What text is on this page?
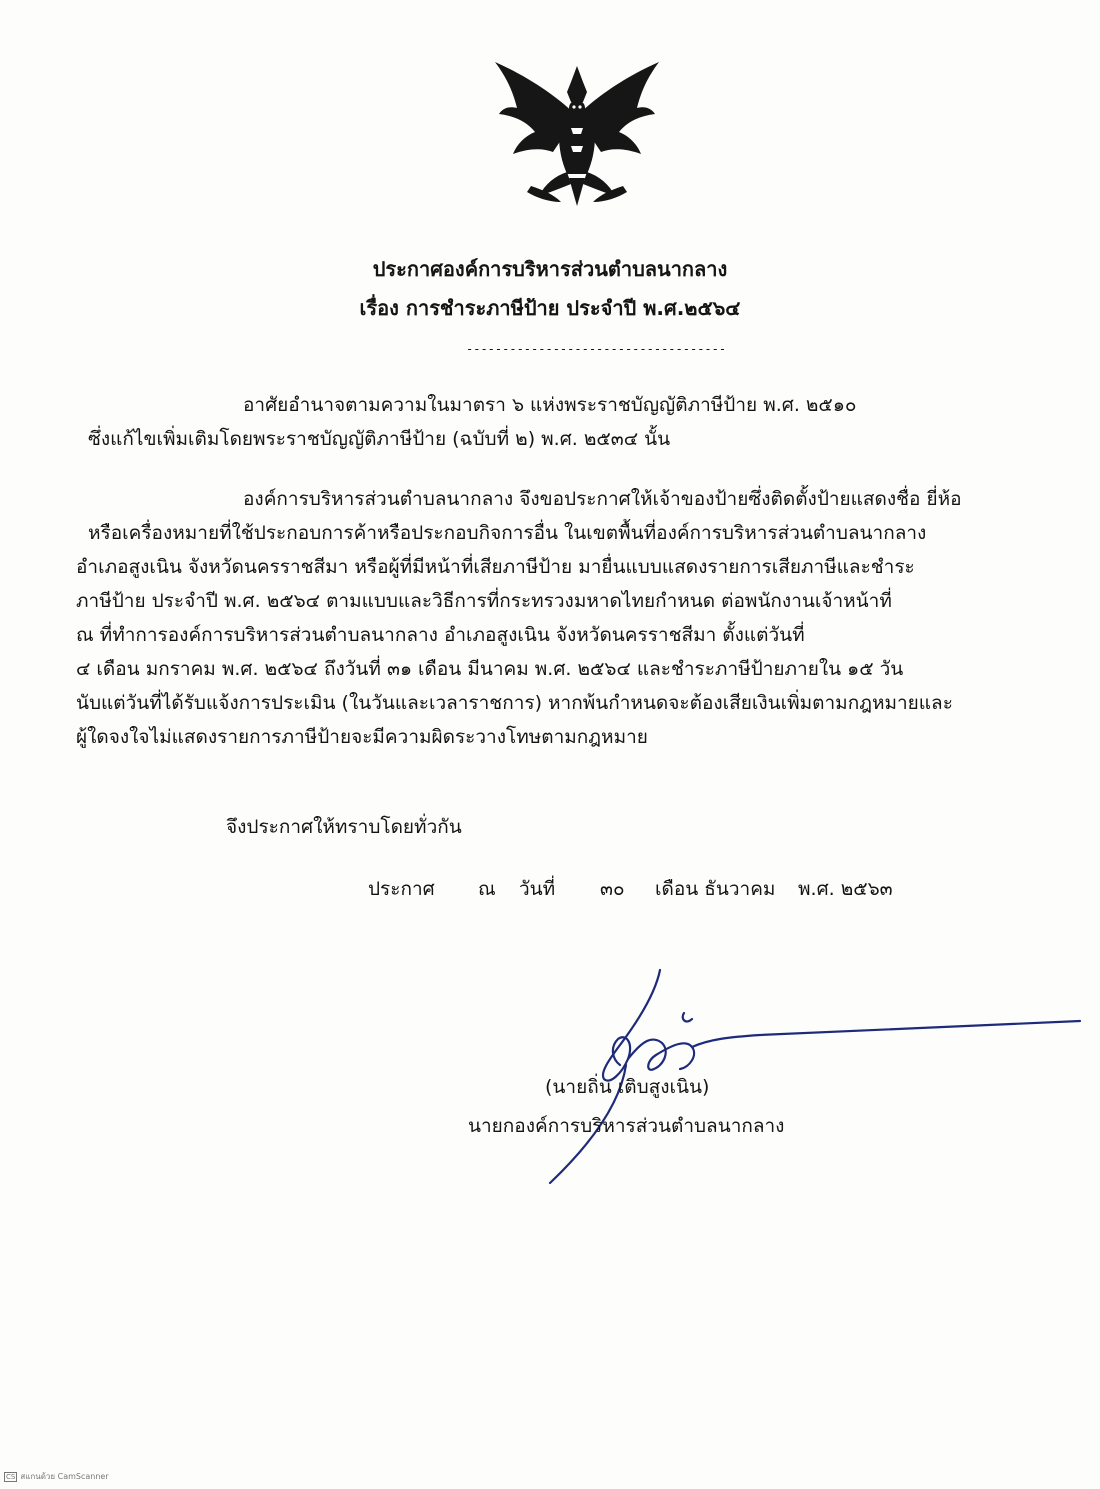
ประกาศองค์การบริหารส่วนตำบลนากลาง
เรื่อง การชำระภาษีป้าย ประจำปี พ.ศ.๒๕๖๔
------------------------------------
อาศัยอำนาจตามความในมาตรา ๖ แห่งพระราชบัญญัติภาษีป้าย พ.ศ. ๒๕๑๐
ซึ่งแก้ไขเพิ่มเติมโดยพระราชบัญญัติภาษีป้าย (ฉบับที่ ๒) พ.ศ. ๒๕๓๔ นั้น
องค์การบริหารส่วนตำบลนากลาง จึงขอประกาศให้เจ้าของป้ายซึ่งติดตั้งป้ายแสดงชื่อ ยี่ห้อ
หรือเครื่องหมายที่ใช้ประกอบการค้าหรือประกอบกิจการอื่น ในเขตพื้นที่องค์การบริหารส่วนตำบลนากลาง
อำเภอสูงเนิน จังหวัดนครราชสีมา หรือผู้ที่มีหน้าที่เสียภาษีป้าย มายื่นแบบแสดงรายการเสียภาษีและชำระ
ภาษีป้าย ประจำปี พ.ศ. ๒๕๖๔ ตามแบบและวิธีการที่กระทรวงมหาดไทยกำหนด ต่อพนักงานเจ้าหน้าที่
ณ ที่ทำการองค์การบริหารส่วนตำบลนากลาง อำเภอสูงเนิน จังหวัดนครราชสีมา ตั้งแต่วันที่
๔ เดือน มกราคม พ.ศ. ๒๕๖๔ ถึงวันที่ ๓๑ เดือน มีนาคม พ.ศ. ๒๕๖๔ และชำระภาษีป้ายภายใน ๑๕ วัน
นับแต่วันที่ได้รับแจ้งการประเมิน (ในวันและเวลาราชการ) หากพ้นกำหนดจะต้องเสียเงินเพิ่มตามกฎหมายและ
ผู้ใดจงใจไม่แสดงรายการภาษีป้ายจะมีความผิดระวางโทษตามกฎหมาย
จึงประกาศให้ทราบโดยทั่วกัน
ประกาศ ณ วันที่ ๓๐ เดือน ธันวาคม พ.ศ. ๒๕๖๓
(นายถิ่น เติบสูงเนิน)
นายกองค์การบริหารส่วนตำบลนากลาง
CS สแกนด้วย CamScanner
